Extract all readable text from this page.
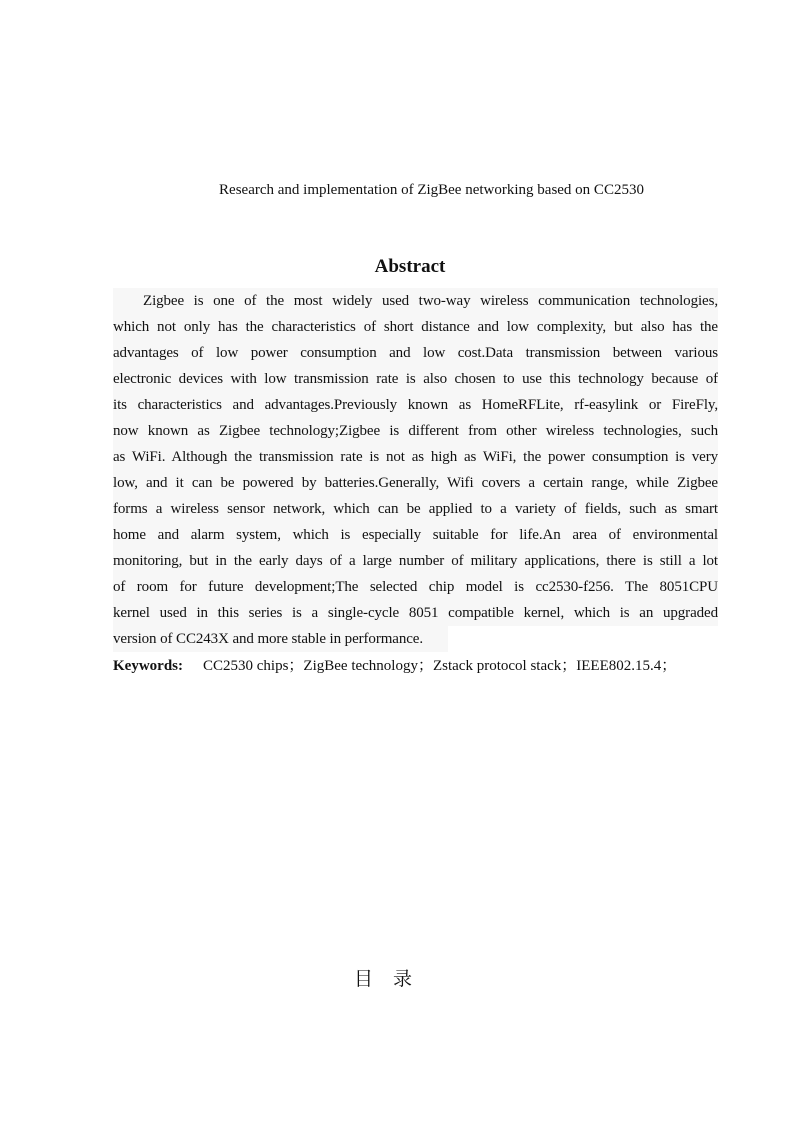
Research and implementation of ZigBee networking based on CC2530
Abstract
Zigbee is one of the most widely used two-way wireless communication technologies,
which not only has the characteristics of short distance and low complexity, but also has the
advantages of low power consumption and low cost.Data transmission between various
electronic devices with low transmission rate is also chosen to use this technology because of
its characteristics and advantages.Previously known as HomeRFLite, rf-easylink or FireFly,
now known as Zigbee technology;Zigbee is different from other wireless technologies, such
as WiFi. Although the transmission rate is not as high as WiFi, the power consumption is very
low, and it can be powered by batteries.Generally, Wifi covers a certain range, while Zigbee
forms a wireless sensor network, which can be applied to a variety of fields, such as smart
home and alarm system, which is especially suitable for life.An area of environmental
monitoring, but in the early days of a large number of military applications, there is still a lot
of room for future development;The selected chip model is cc2530-f256. The 8051CPU
kernel used in this series is a single-cycle 8051 compatible kernel, which is an upgraded
version of CC243X and more stable in performance.
Keywords: CC2530 chips；ZigBee technology；Zstack protocol stack；IEEE802.15.4；
目录
